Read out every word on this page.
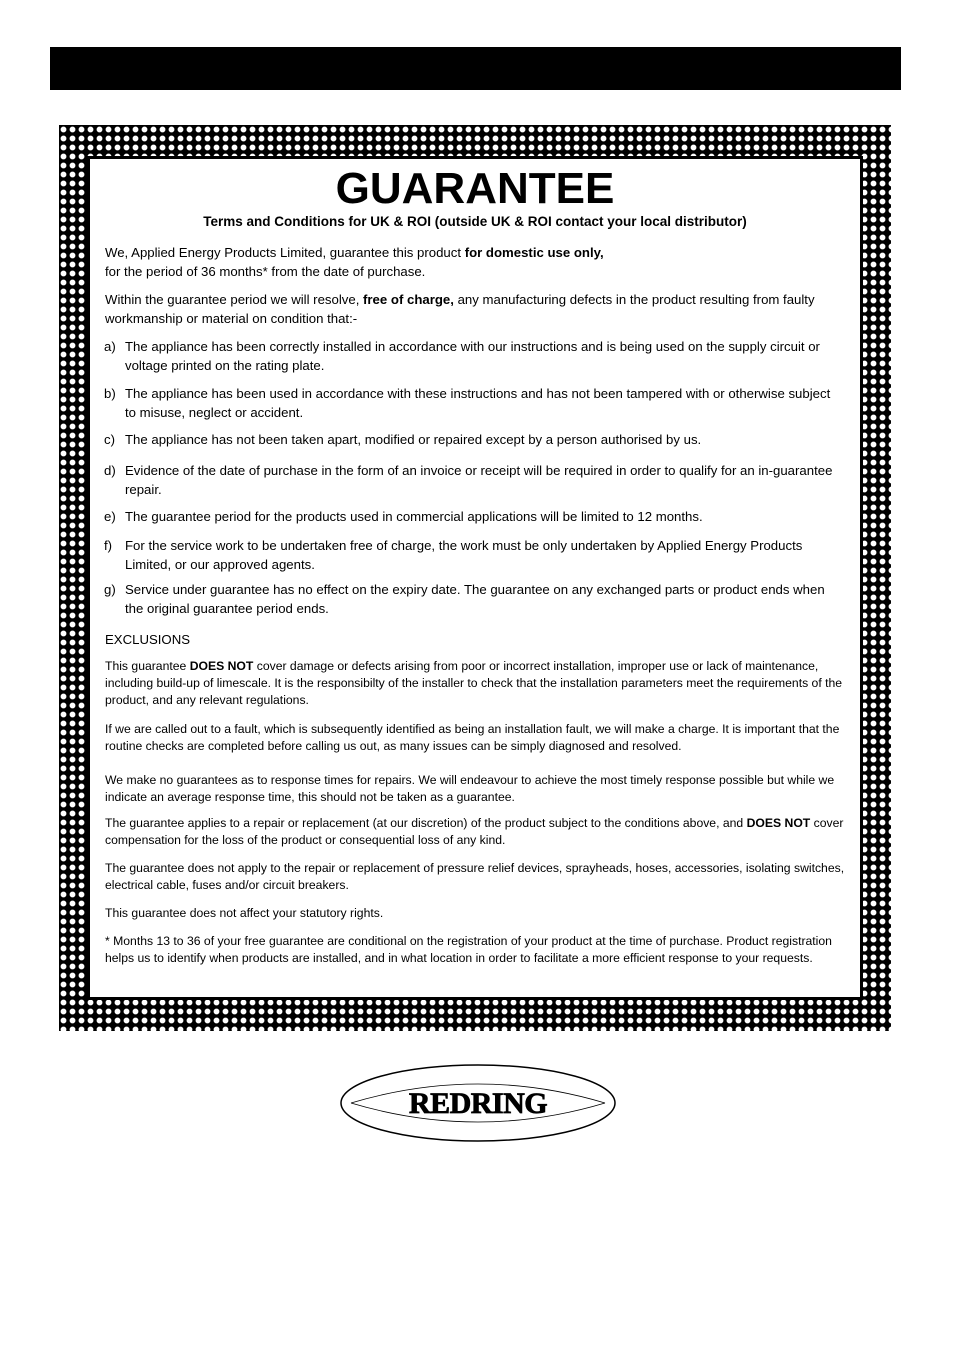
GUARANTEE
Terms and Conditions for UK & ROI (outside UK & ROI contact your local distributor)
We, Applied Energy Products Limited, guarantee this product for domestic use only,
for the period of 36 months* from the date of purchase.
Within the guarantee period we will resolve, free of charge, any manufacturing defects in the product resulting from faulty workmanship or material on condition that:-
a) The appliance has been correctly installed in accordance with our instructions and is being used on the supply circuit or voltage printed on the rating plate.
b) The appliance has been used in accordance with these instructions and has not been tampered with or otherwise subject to misuse, neglect or accident.
c) The appliance has not been taken apart, modified or repaired except by a person authorised by us.
d) Evidence of the date of purchase in the form of an invoice or receipt will be required in order to qualify for an in-guarantee repair.
e) The guarantee period for the products used in commercial applications will be limited to 12 months.
f) For the service work to be undertaken free of charge, the work must be only undertaken by Applied Energy Products Limited, or our approved agents.
g) Service under guarantee has no effect on the expiry date. The guarantee on any exchanged parts or product ends when the original guarantee period ends.
EXCLUSIONS
This guarantee DOES NOT cover damage or defects arising from poor or incorrect installation, improper use or lack of maintenance, including build-up of limescale. It is the responsibilty of the installer to check that the installation parameters meet the requirements of the product, and any relevant regulations.
If we are called out to a fault, which is subsequently identified as being an installation fault, we will make a charge. It is important that the routine checks are completed before calling us out, as many issues can be simply diagnosed and resolved.
We make no guarantees as to response times for repairs. We will endeavour to achieve the most timely response possible but while we indicate an average response time, this should not be taken as a guarantee.
The guarantee applies to a repair or replacement (at our discretion) of the product subject to the conditions above, and DOES NOT cover compensation for the loss of the product or consequential loss of any kind.
The guarantee does not apply to the repair or replacement of pressure relief devices, sprayheads, hoses, accessories, isolating switches, electrical cable, fuses and/or circuit breakers.
This guarantee does not affect your statutory rights.
* Months 13 to 36 of your free guarantee are conditional on the registration of your product at the time of purchase. Product registration helps us to identify when products are installed, and in what location in order to facilitate a more efficient response to your requests.
REDRING
